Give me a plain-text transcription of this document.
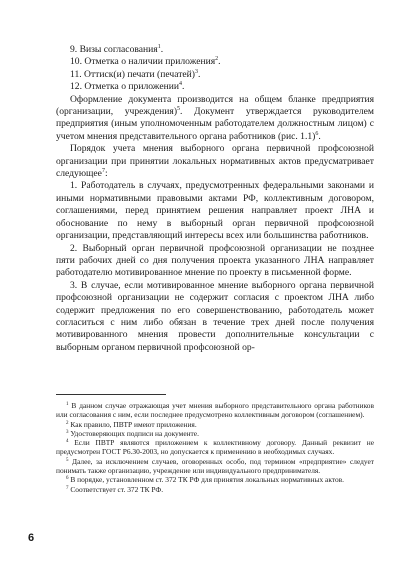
9. Визы согласования$^1$.
10. Отметка о наличии приложения$^2$.
11. Оттиск(и) печати (печатей)$^3$.
12. Отметка о приложении$^4$.

Оформление документа производится на общем бланке предприятия (организации, учреждения)$^5$. Документ утверждается руководителем предприятия (иным уполномоченным работодателем должностным лицом) с учетом мнения представительного органа работников (рис. 1.1)$^6$.

Порядок учета мнения выборного органа первичной профсоюзной организации при принятии локальных нормативных актов предусматривает следующее$^7$:

1. Работодатель в случаях, предусмотренных федеральными законами и иными нормативными правовыми актами РФ, коллективным договором, соглашениями, перед принятием решения направляет проект ЛНА и обоснование по нему в выборный орган первичной профсоюзной организации, представляющий интересы всех или большинства работников.

2. Выборный орган первичной профсоюзной организации не позднее пяти рабочих дней со дня получения проекта указанного ЛНА направляет работодателю мотивированное мнение по проекту в письменной форме.

3. В случае, если мотивированное мнение выборного органа первичной профсоюзной организации не содержит согласия с проектом ЛНА либо содержит предложения по его совершенствованию, работодатель может согласиться с ним либо обязан в течение трех дней после получения мотивированного мнения провести дополнительные консультации с выборным органом первичной профсоюзной ор-

$^1$ В данном случае отражающая учет мнения выборного представительного органа работников или согласования с ним, если последнее предусмотрено коллективным договором (соглашением).

$^2$ Как правило, ПВТР имеют приложения.

$^3$ Удостоверяющих подписи на документе.

$^4$ Если ПВТР являются приложением к коллективному договору. Данный реквизит не предусмотрен ГОСТ Р6.30-2003, но допускается к применению в необходимых случаях.

$^5$ Далее, за исключением случаев, оговоренных особо, под термином «предприятие» следует понимать также организацию, учреждение или индивидуального предпринимателя.

$^6$ В порядке, установленном ст. 372 ТК РФ для принятия локальных нормативных актов.

$^7$ Соответствует ст. 372 ТК РФ.

6
